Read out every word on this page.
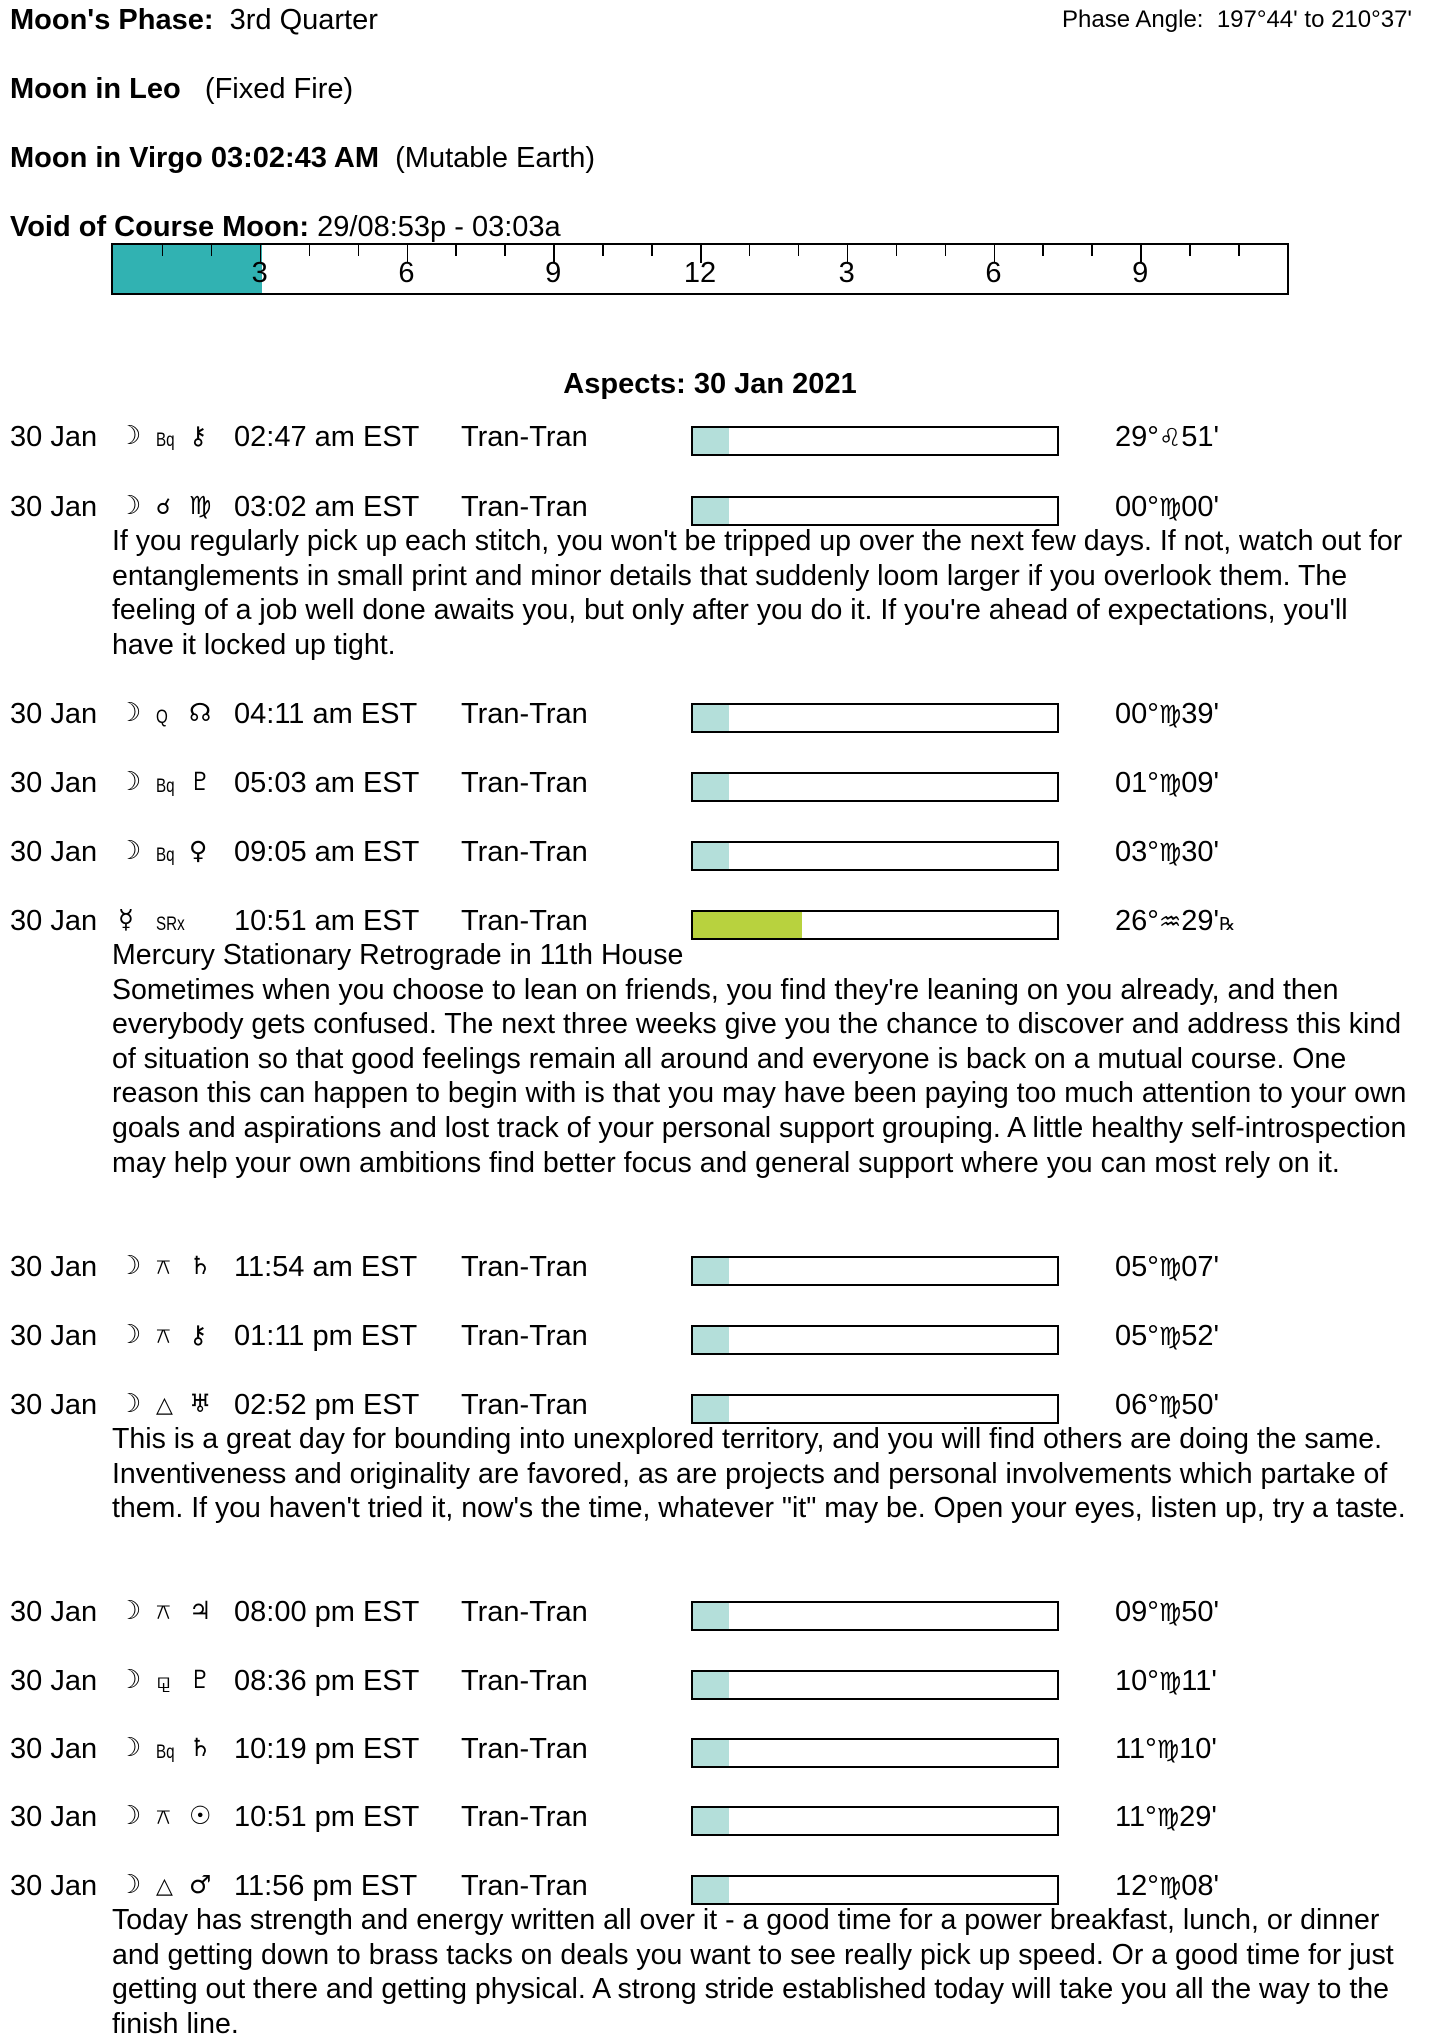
Moon's Phase: 3rd Quarter	Phase Angle: 197°44' to 210°37'
Moon in Leo (Fixed Fire)
Moon in Virgo 03:02:43 AM (Mutable Earth)
Void of Course Moon: 29/08:53p - 03:03a
3	6	9	12	3	6	9
Aspects: 30 Jan 2021
30 Jan ☽ Bq ⚷ 02:47 am EST Tran-Tran	29°♌51'
30 Jan ☽ ☌ ♍ 03:02 am EST Tran-Tran	00°♍00'
If you regularly pick up each stitch, you won't be tripped up over the next few days. If not, watch out for entanglements in small print and minor details that suddenly loom larger if you overlook them. The feeling of a job well done awaits you, but only after you do it. If you're ahead of expectations, you'll have it locked up tight.
30 Jan ☽ Q ☊ 04:11 am EST Tran-Tran	00°♍39'
30 Jan ☽ Bq ♇ 05:03 am EST Tran-Tran	01°♍09'
30 Jan ☽ Bq ♀ 09:05 am EST Tran-Tran	03°♍30'
30 Jan ☿ SRx 10:51 am EST Tran-Tran	26°♒29'℞
Mercury Stationary Retrograde in 11th House
Sometimes when you choose to lean on friends, you find they're leaning on you already, and then everybody gets confused. The next three weeks give you the chance to discover and address this kind of situation so that good feelings remain all around and everyone is back on a mutual course. One reason this can happen to begin with is that you may have been paying too much attention to your own goals and aspirations and lost track of your personal support grouping. A little healthy self-introspection may help your own ambitions find better focus and general support where you can most rely on it.
30 Jan ☽ ⚻ ♄ 11:54 am EST Tran-Tran	05°♍07'
30 Jan ☽ ⚻ ⚷ 01:11 pm EST Tran-Tran	05°♍52'
30 Jan ☽ △ ♅ 02:52 pm EST Tran-Tran	06°♍50'
This is a great day for bounding into unexplored territory, and you will find others are doing the same. Inventiveness and originality are favored, as are projects and personal involvements which partake of them. If you haven't tried it, now's the time, whatever "it" may be. Open your eyes, listen up, try a taste.
30 Jan ☽ ⚻ ♃ 08:00 pm EST Tran-Tran	09°♍50'
30 Jan ☽ ⚼ ♇ 08:36 pm EST Tran-Tran	10°♍11'
30 Jan ☽ Bq ♄ 10:19 pm EST Tran-Tran	11°♍10'
30 Jan ☽ ⚻ ☉ 10:51 pm EST Tran-Tran	11°♍29'
30 Jan ☽ △ ♂ 11:56 pm EST Tran-Tran	12°♍08'
Today has strength and energy written all over it - a good time for a power breakfast, lunch, or dinner and getting down to brass tacks on deals you want to see really pick up speed. Or a good time for just getting out there and getting physical. A strong stride established today will take you all the way to the finish line.
